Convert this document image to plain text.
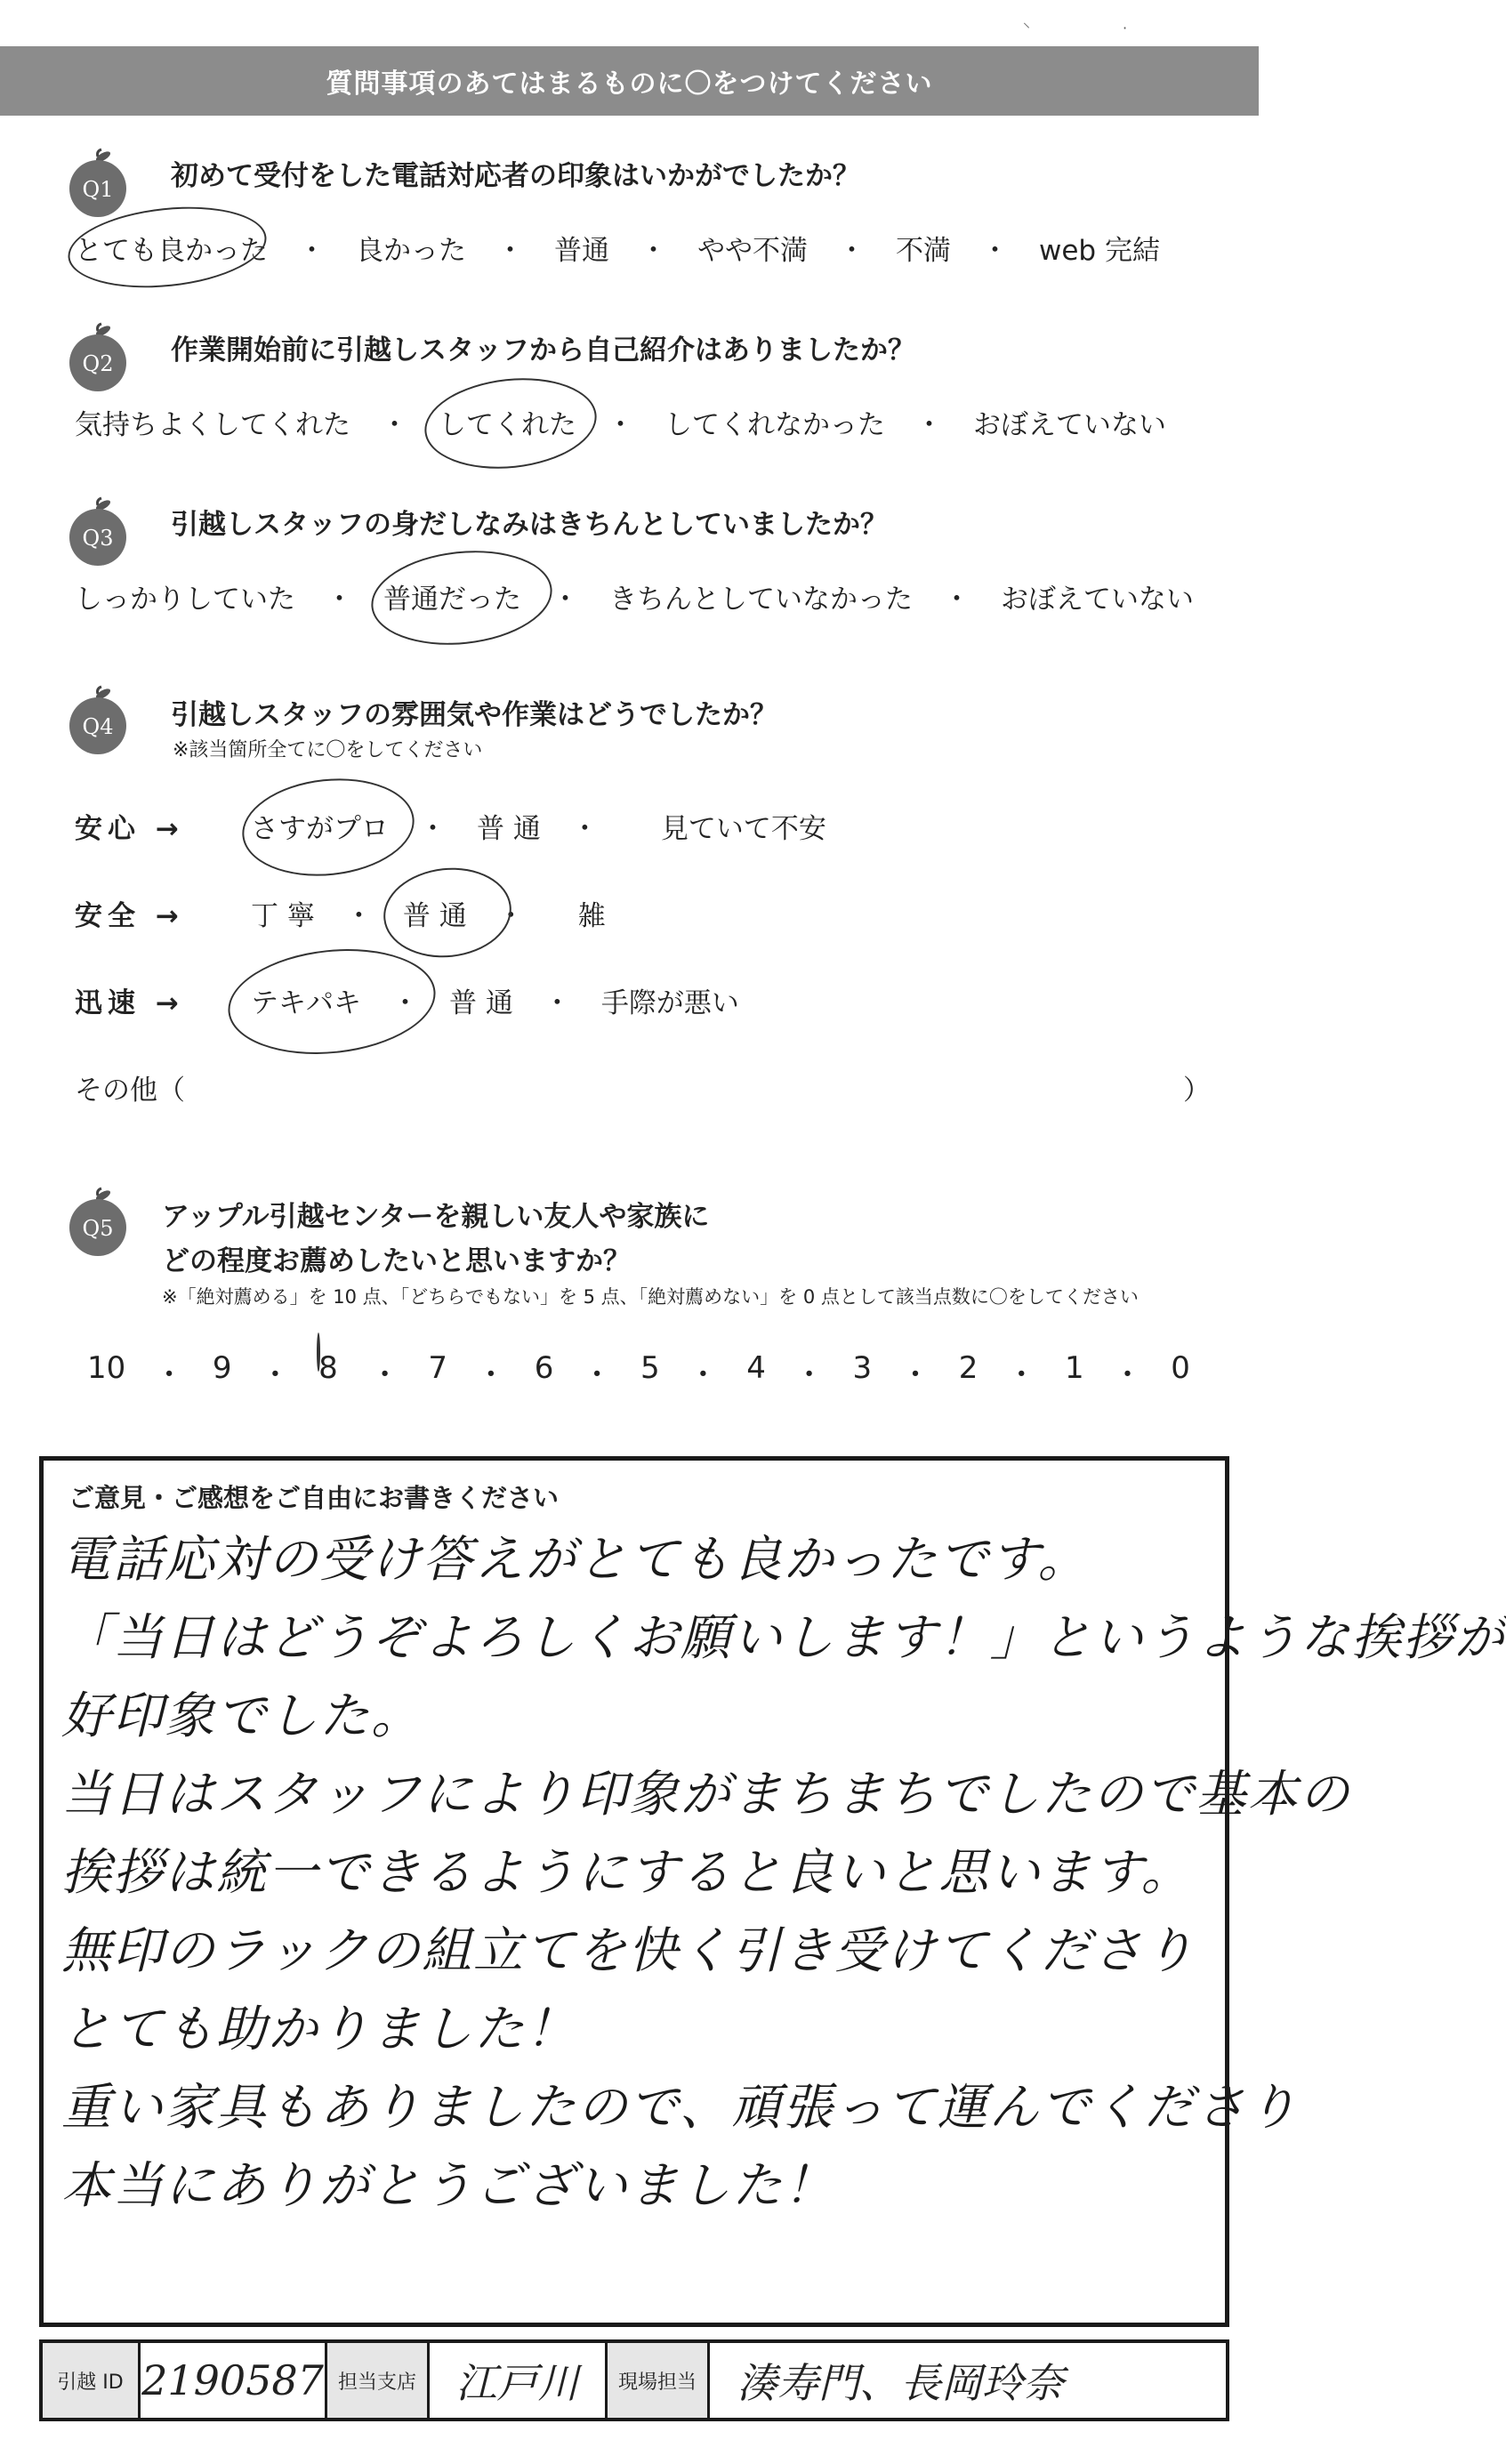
⸌	·
質問事項のあてはまるものに〇をつけてください
Q1 初めて受付をした電話対応者の印象はいかがでしたか？
とても良かった ・ 良かった ・ 普通 ・ やや不満 ・ 不満 ・ web 完結
Q2 作業開始前に引越しスタッフから自己紹介はありましたか？
気持ちよくしてくれた ・ してくれた ・ してくれなかった ・ おぼえていない
Q3 引越しスタッフの身だしなみはきちんとしていましたか？
しっかりしていた ・ 普通だった ・ きちんとしていなかった ・ おぼえていない
Q4 引越しスタッフの雰囲気や作業はどうでしたか？
※該当箇所全てに〇をしてください
安心 → さすがプロ ・ 普 通 ・ 見ていて不安
安全 → 丁 寧 ・ 普 通 ・ 雑
迅速 → テキパキ ・ 普 通 ・ 手際が悪い
その他（	）
Q5 アップル引越センターを親しい友人や家族に
どの程度お薦めしたいと思いますか？
※「絶対薦める」を 10 点、「どちらでもない」を 5 点、「絶対薦めない」を 0 点として該当点数に〇をしてください
10 ・ 9 ・ 8 ・ 7 ・ 6 ・ 5 ・ 4 ・ 3 ・ 2 ・ 1 ・ 0
ご意見・ご感想をご自由にお書きください
電話応対の受け答えがとても良かったです。
「当日はどうぞよろしくお願いします！」というような挨拶が
好印象でした。
当日はスタッフにより印象がまちまちでしたので基本の
挨拶は統一できるようにすると良いと思います。
無印のラックの組立てを快く引き受けてくださり
とても助かりました！
重い家具もありましたので、頑張って運んでくださり
本当にありがとうございました！
引越 ID 2190587 担当支店 江戸川	現場担当 湊寿門、長岡玲奈
